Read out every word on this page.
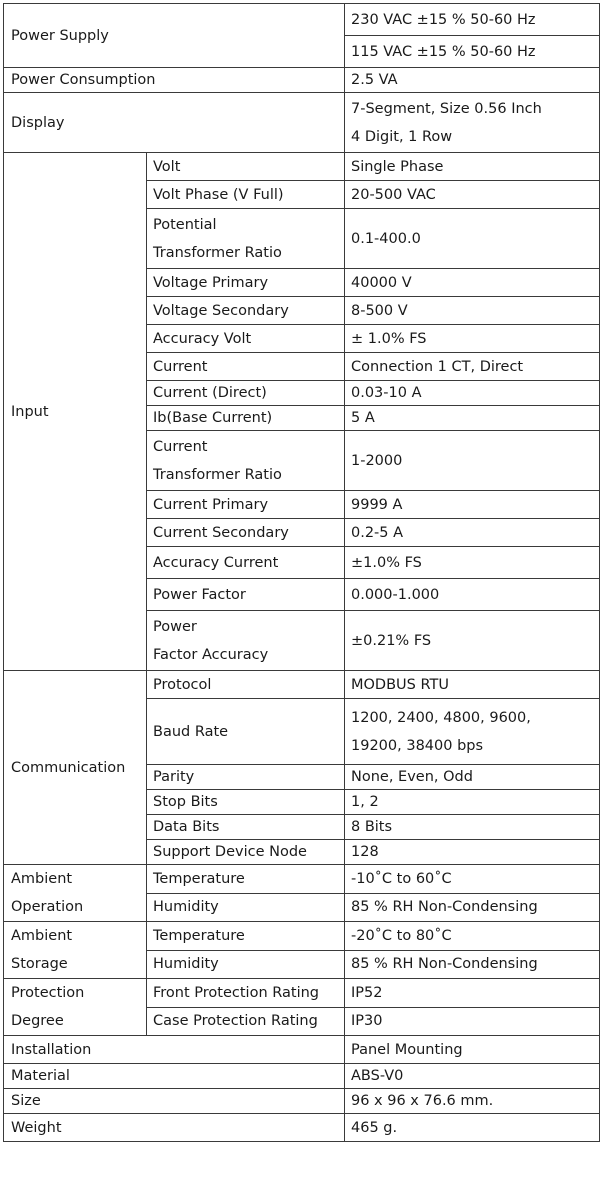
Power Supply		230 VAC ±15 % 50-60 Hz
		115 VAC ±15 % 50-60 Hz
Power Consumption		2.5 VA
Display		7-Segment, Size 0.56 Inch
4 Digit, 1 Row
Input	Volt	Single Phase
	Volt Phase (V Full)	20-500 VAC
	Potential
Transformer Ratio	0.1-400.0
	Voltage Primary	40000 V
	Voltage Secondary	8-500 V
	Accuracy Volt	± 1.0% FS
	Current	Connection 1 CT, Direct
	Current (Direct)	0.03-10 A
	Ib(Base Current)	5 A
	Current
Transformer Ratio	1-2000
	Current Primary	9999 A
	Current Secondary	0.2-5 A
	Accuracy Current	±1.0% FS
	Power Factor	0.000-1.000
	Power
Factor Accuracy	±0.21% FS
Communication	Protocol	MODBUS RTU
	Baud Rate	1200, 2400, 4800, 9600,
19200, 38400 bps
	Parity	None, Even, Odd
	Stop Bits	1, 2
	Data Bits	8 Bits
	Support Device Node	128
Ambient
Operation	Temperature	-10˚C to 60˚C
	Humidity	85 % RH Non-Condensing
Ambient
Storage	Temperature	-20˚C to 80˚C
	Humidity	85 % RH Non-Condensing
Protection
Degree	Front Protection Rating	IP52
	Case Protection Rating	IP30
Installation		Panel Mounting
Material		ABS-V0
Size		96 x 96 x 76.6 mm.
Weight		465 g.
